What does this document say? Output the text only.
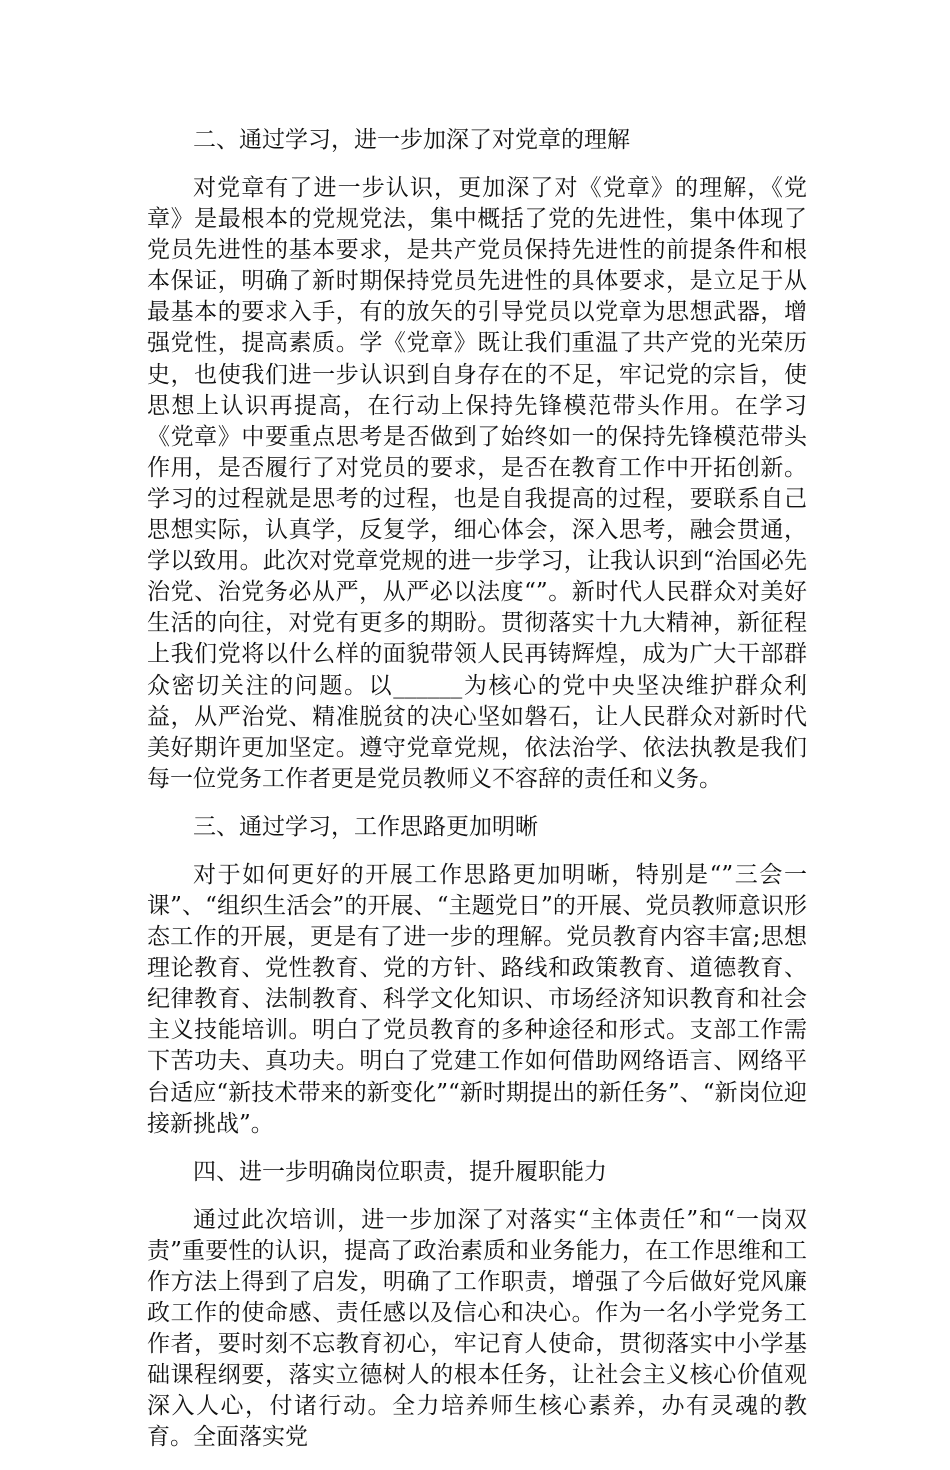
二、通过学习，进一步加深了对党章的理解

对党章有了进一步认识，更加深了对《党章》的理解，《党章》是最根本的党规党法，集中概括了党的先进性，集中体现了党员先进性的基本要求，是共产党员保持先进性的前提条件和根本保证，明确了新时期保持党员先进性的具体要求，是立足于从最基本的要求入手，有的放矢的引导党员以党章为思想武器，增强党性，提高素质。学《党章》既让我们重温了共产党的光荣历史，也使我们进一步认识到自身存在的不足，牢记党的宗旨，使思想上认识再提高，在行动上保持先锋模范带头作用。在学习《党章》中要重点思考是否做到了始终如一的保持先锋模范带头作用，是否履行了对党员的要求，是否在教育工作中开拓创新。学习的过程就是思考的过程，也是自我提高的过程，要联系自己思想实际，认真学，反复学，细心体会，深入思考，融会贯通，学以致用。此次对党章党规的进一步学习，让我认识到“治国必先治党、治党务必从严，从严必以法度“”。新时代人民群众对美好生活的向往，对党有更多的期盼。贯彻落实十九大精神，新征程上我们党将以什么样的面貌带领人民再铸辉煌，成为广大干部群众密切关注的问题。以______为核心的党中央坚决维护群众利益，从严治党、精准脱贫的决心坚如磐石，让人民群众对新时代美好期许更加坚定。遵守党章党规，依法治学、依法执教是我们每一位党务工作者更是党员教师义不容辞的责任和义务。

三、通过学习，工作思路更加明晰

对于如何更好的开展工作思路更加明晰，特别是“”三会一课”、“组织生活会”的开展、“主题党日”的开展、党员教师意识形态工作的开展，更是有了进一步的理解。党员教育内容丰富;思想理论教育、党性教育、党的方针、路线和政策教育、道德教育、纪律教育、法制教育、科学文化知识、市场经济知识教育和社会主义技能培训。明白了党员教育的多种途径和形式。支部工作需下苦功夫、真功夫。明白了党建工作如何借助网络语言、网络平台适应“新技术带来的新变化”“新时期提出的新任务”、“新岗位迎接新挑战”。

四、进一步明确岗位职责，提升履职能力

通过此次培训，进一步加深了对落实“主体责任”和“一岗双责”重要性的认识，提高了政治素质和业务能力，在工作思维和工作方法上得到了启发，明确了工作职责，增强了今后做好党风廉政工作的使命感、责任感以及信心和决心。作为一名小学党务工作者，要时刻不忘教育初心，牢记育人使命，贯彻落实中小学基础课程纲要，落实立德树人的根本任务，让社会主义核心价值观深入人心，付诸行动。全力培养师生核心素养，办有灵魂的教育。全面落实党
